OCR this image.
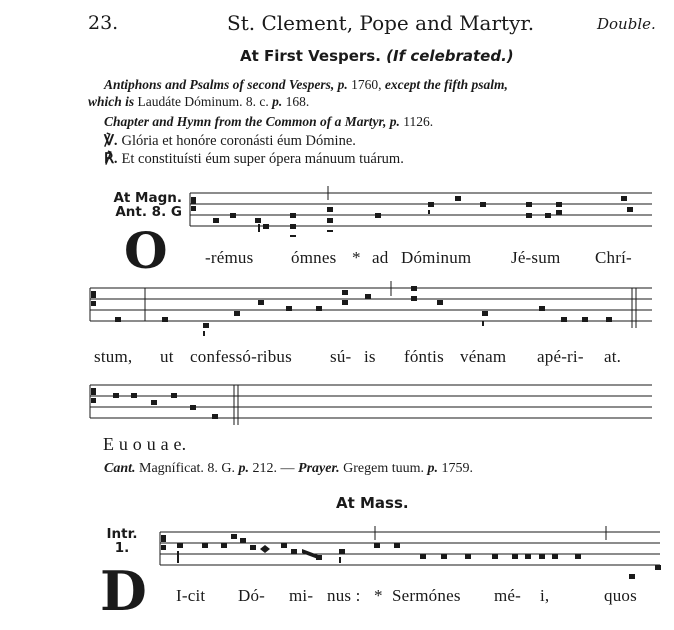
23.	St. Clement, Pope and Martyr.	Double.
At First Vespers. (If celebrated.)
Antiphons and Psalms of second Vespers, p. 1760, except the fifth psalm,
which is Laudáte Dóminum. 8. c. p. 168.
Chapter and Hymn from the Common of a Martyr, p. 1126.
℣. Glória et honóre coronásti éum Dómine.
℟. Et constituísti éum super ópera mánuum tuárum.
At Magn.
Ant. 8. G
O -rémus ómnes * ad Dóminum Jé-sum Chrí-
stum, ut confessó-ribus sú- is fóntis vénam apé-ri- at.
E u o u a e.
Cant. Magníficat. 8. G. p. 212. — Prayer. Gregem tuum. p. 1759.
At Mass.
Intr.
1.
D I-cit Dó- mi- nus : * Sermónes mé- i,	quos
